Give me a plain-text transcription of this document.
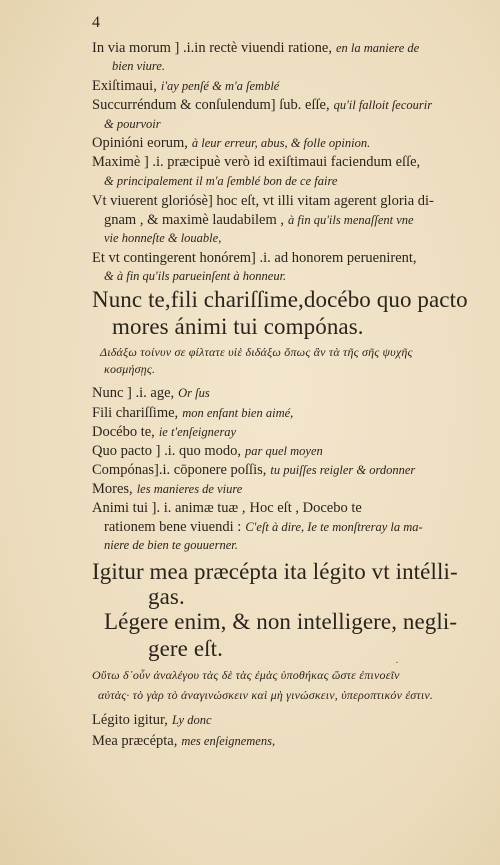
4
In via morum ] .i.in rectè viuendi ratione, en la maniere de
bien viure.
Exiſtimaui, i'ay penſé & m'a ſemblé
Succurréndum & conſulendum] ſub. eſſe, qu'il falloit ſecourir
& pourvoir
Opinióni eorum, à leur erreur, abus, & folle opinion.
Maximè ] .i. præcipuè verò id exiſtimaui faciendum eſſe,
& principalement il m'a ſemblé bon de ce faire
Vt viuerent gloriósè] hoc eſt, vt illi vitam agerent gloria di-
gnam , & maximè laudabilem , à fin qu'ils menaſſent vne
vie honneſte & louable,
Et vt contingerent honórem] .i. ad honorem peruenirent,
& à fin qu'ils parueinſent à honneur.
Nunc te,fili chariſſime,docébo quo pacto
mores ánimi tui compónas.
Διδάξω τοίνυν σε φίλτατε υἱὲ διδάξω ὅπως ἂν τὰ τῆς σῆς ψυχῆς
κοσμήσῃς.
Nunc ] .i. age, Or ſus
Fili chariſſime, mon enfant bien aimé,
Docébo te, ie t'enſeigneray
Quo pacto ] .i. quo modo, par quel moyen
Compónas].i. cōponere poſſis, tu puiſſes reigler & ordonner
Mores, les manieres de viure
Animi tui ]. i. animæ tuæ , Hoc eſt , Docebo te
rationem bene viuendi : C'eſt à dire, Ie te monſtreray la ma-
niere de bien te gouuerner.
Igitur mea præcépta ita légito vt intélli-
gas.
Légere enim, & non intelligere, negli-
gere eſt.
·
Οὕτω δ᾽οὖν ἀναλέγου τὰς δὲ τὰς ἐμὰς ὑποθήκας ὥστε ἐπινοεῖν
αὐτὰς· τὸ γὰρ τὸ ἀναγινώσκειν καὶ μὴ γινώσκειν, ὑπεροπτικόν ἐστιν.
Légito igitur, Ly donc
Mea præcépta, mes enſeignemens,
